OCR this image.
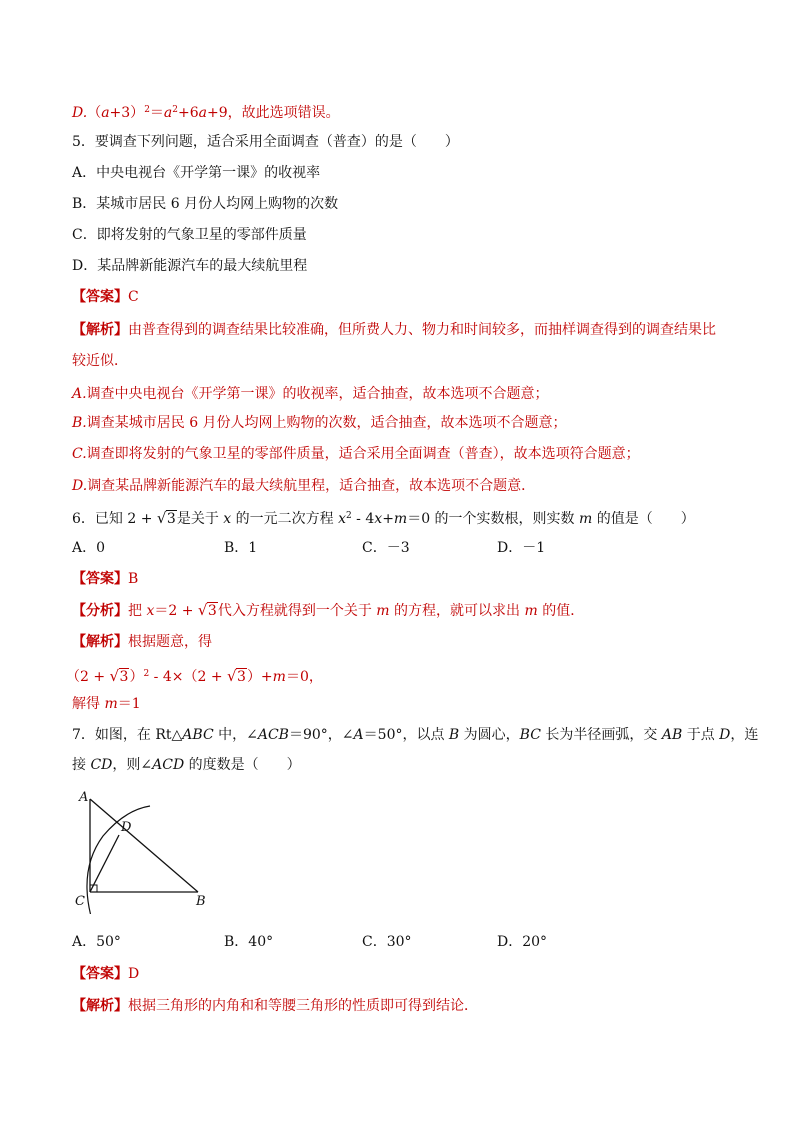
$D.(a+3)^2=a^2+6a+9$，故此选项错误。
5．要调查下列问题，适合采用全面调查（普查）的是（　　）
A．中央电视台《开学第一课》的收视率
B．某城市居民 6 月份人均网上购物的次数
C．即将发射的气象卫星的零部件质量
D．某品牌新能源汽车的最大续航里程
【答案】C
【解析】由普查得到的调查结果比较准确，但所费人力、物力和时间较多，而抽样调查得到的调查结果比
较近似．
A.调查中央电视台《开学第一课》的收视率，适合抽查，故本选项不合题意；
B.调查某城市居民 6 月份人均网上购物的次数，适合抽查，故本选项不合题意；
C.调查即将发射的气象卫星的零部件质量，适合采用全面调查（普查），故本选项符合题意；
D.调查某品牌新能源汽车的最大续航里程，适合抽查，故本选项不合题意．
6．已知 2 + √ 3是关于 x 的一元二次方程 $x^2 - 4x+m=0$ 的一个实数根，则实数 m 的值是（　　）
A．0	B．1	C．－3	D．－1
【答案】B
【分析】把 x＝2 + √ 3代入方程就得到一个关于 m 的方程，就可以求出 m 的值．
【解析】根据题意，得
（2 + √ 3）$^2$ - 4×（2 + √ 3）+m＝0，
解得 m＝1
7．如图，在 Rt△ABC 中，∠ACB＝90°，∠A＝50°，以点 B 为圆心，BC 长为半径画弧，交 AB 于点 D，连
接 CD，则∠ACD 的度数是（　　）
A
D
C	B
A．50°	B．40°	C．30°	D．20°
【答案】D
【解析】根据三角形的内角和和等腰三角形的性质即可得到结论．
